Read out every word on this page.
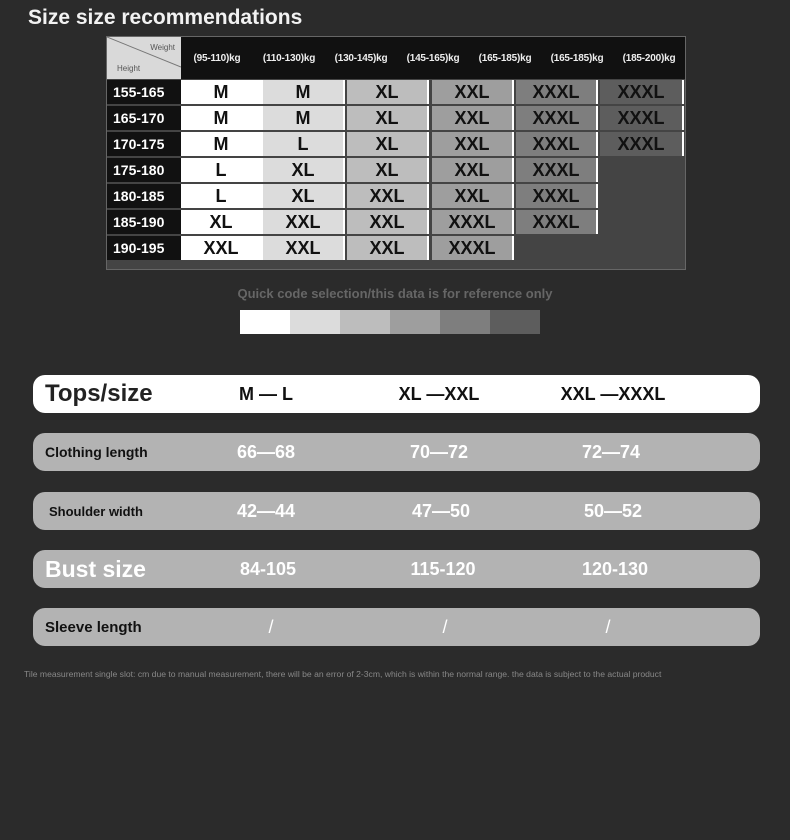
Size size recommendations
Weight
Height
(95-110)kg	(110-130)kg	(130-145)kg	(145-165)kg	(165-185)kg	(165-185)kg	(185-200)kg
155-165	M	M	XL	XXL	XXXL	XXXL
165-170	M	M	XL	XXL	XXXL	XXXL
170-175	M	L	XL	XXL	XXXL	XXXL
175-180	L	XL	XL	XXL	XXXL
180-185	L	XL	XXL	XXL	XXXL
185-190	XL	XXL	XXL	XXXL	XXXL
190-195	XXL	XXL	XXL	XXXL
Quick code selection/this data is for reference only
Tops/size	M — L	XL —XXL	XXL —XXXL
Clothing length	66—68	70—72	72—74
Shoulder width	42—44	47—50	50—52
Bust size	84-105	115-120	120-130
Sleeve length	/	/	/
Tile measurement single slot: cm due to manual measurement, there will be an error of 2-3cm, which is within the normal range. the data is subject to the actual product
